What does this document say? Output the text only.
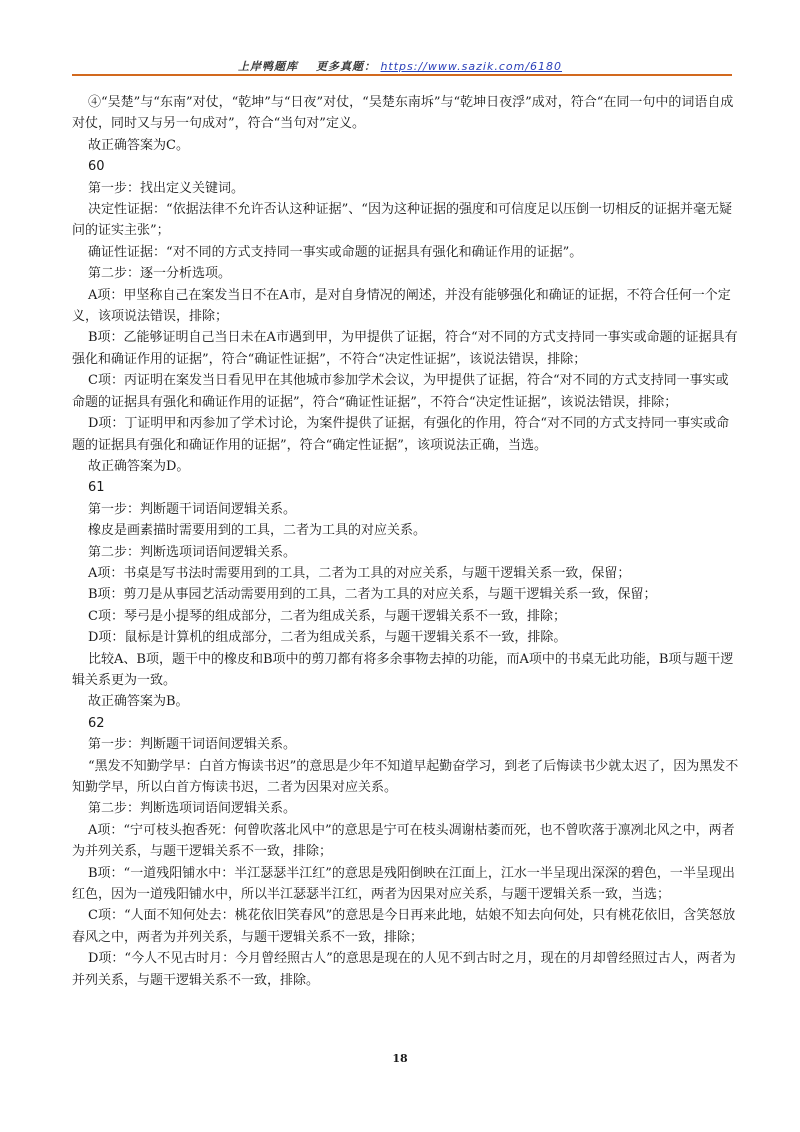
上岸鸭题库 更多真题： https://www.sazik.com/6180

④“吴楚”与“东南”对仗，“乾坤”与“日夜”对仗，“吴楚东南坼”与“乾坤日夜浮”成对，符合“在同一句中的词语自成对仗，同时又与另一句成对”，符合“当句对”定义。

故正确答案为C。

60

第一步：找出定义关键词。

决定性证据：“依据法律不允许否认这种证据”、“因为这种证据的强度和可信度足以压倒一切相反的证据并毫无疑问的证实主张”；

确证性证据：“对不同的方式支持同一事实或命题的证据具有强化和确证作用的证据”。

第二步：逐一分析选项。

A项：甲坚称自己在案发当日不在A市，是对自身情况的阐述，并没有能够强化和确证的证据，不符合任何一个定义，该项说法错误，排除；

B项：乙能够证明自己当日未在A市遇到甲，为甲提供了证据，符合“对不同的方式支持同一事实或命题的证据具有强化和确证作用的证据”，符合“确证性证据”，不符合“决定性证据”，该说法错误，排除；

C项：丙证明在案发当日看见甲在其他城市参加学术会议，为甲提供了证据，符合“对不同的方式支持同一事实或命题的证据具有强化和确证作用的证据”，符合“确证性证据”，不符合“决定性证据”，该说法错误，排除；

D项：丁证明甲和丙参加了学术讨论，为案件提供了证据，有强化的作用，符合“对不同的方式支持同一事实或命题的证据具有强化和确证作用的证据”，符合“确定性证据”，该项说法正确，当选。

故正确答案为D。

61

第一步：判断题干词语间逻辑关系。

橡皮是画素描时需要用到的工具，二者为工具的对应关系。

第二步：判断选项词语间逻辑关系。

A项：书桌是写书法时需要用到的工具，二者为工具的对应关系，与题干逻辑关系一致，保留；

B项：剪刀是从事园艺活动需要用到的工具，二者为工具的对应关系，与题干逻辑关系一致，保留；

C项：琴弓是小提琴的组成部分，二者为组成关系，与题干逻辑关系不一致，排除；

D项：鼠标是计算机的组成部分，二者为组成关系，与题干逻辑关系不一致，排除。

比较A、B项，题干中的橡皮和B项中的剪刀都有将多余事物去掉的功能，而A项中的书桌无此功能，B项与题干逻辑关系更为一致。

故正确答案为B。

62

第一步：判断题干词语间逻辑关系。

“黑发不知勤学早：白首方悔读书迟”的意思是少年不知道早起勤奋学习，到老了后悔读书少就太迟了，因为黑发不知勤学早，所以白首方悔读书迟，二者为因果对应关系。

第二步：判断选项词语间逻辑关系。

A项：“宁可枝头抱香死：何曾吹落北风中”的意思是宁可在枝头凋谢枯萎而死，也不曾吹落于凛冽北风之中，两者为并列关系，与题干逻辑关系不一致，排除；

B项：“一道残阳铺水中：半江瑟瑟半江红”的意思是残阳倒映在江面上，江水一半呈现出深深的碧色，一半呈现出红色，因为一道残阳铺水中，所以半江瑟瑟半江红，两者为因果对应关系，与题干逻辑关系一致，当选；

C项：“人面不知何处去：桃花依旧笑春风”的意思是今日再来此地，姑娘不知去向何处，只有桃花依旧，含笑怒放春风之中，两者为并列关系，与题干逻辑关系不一致，排除；

D项：“今人不见古时月：今月曾经照古人”的意思是现在的人见不到古时之月，现在的月却曾经照过古人，两者为并列关系，与题干逻辑关系不一致，排除。

18
